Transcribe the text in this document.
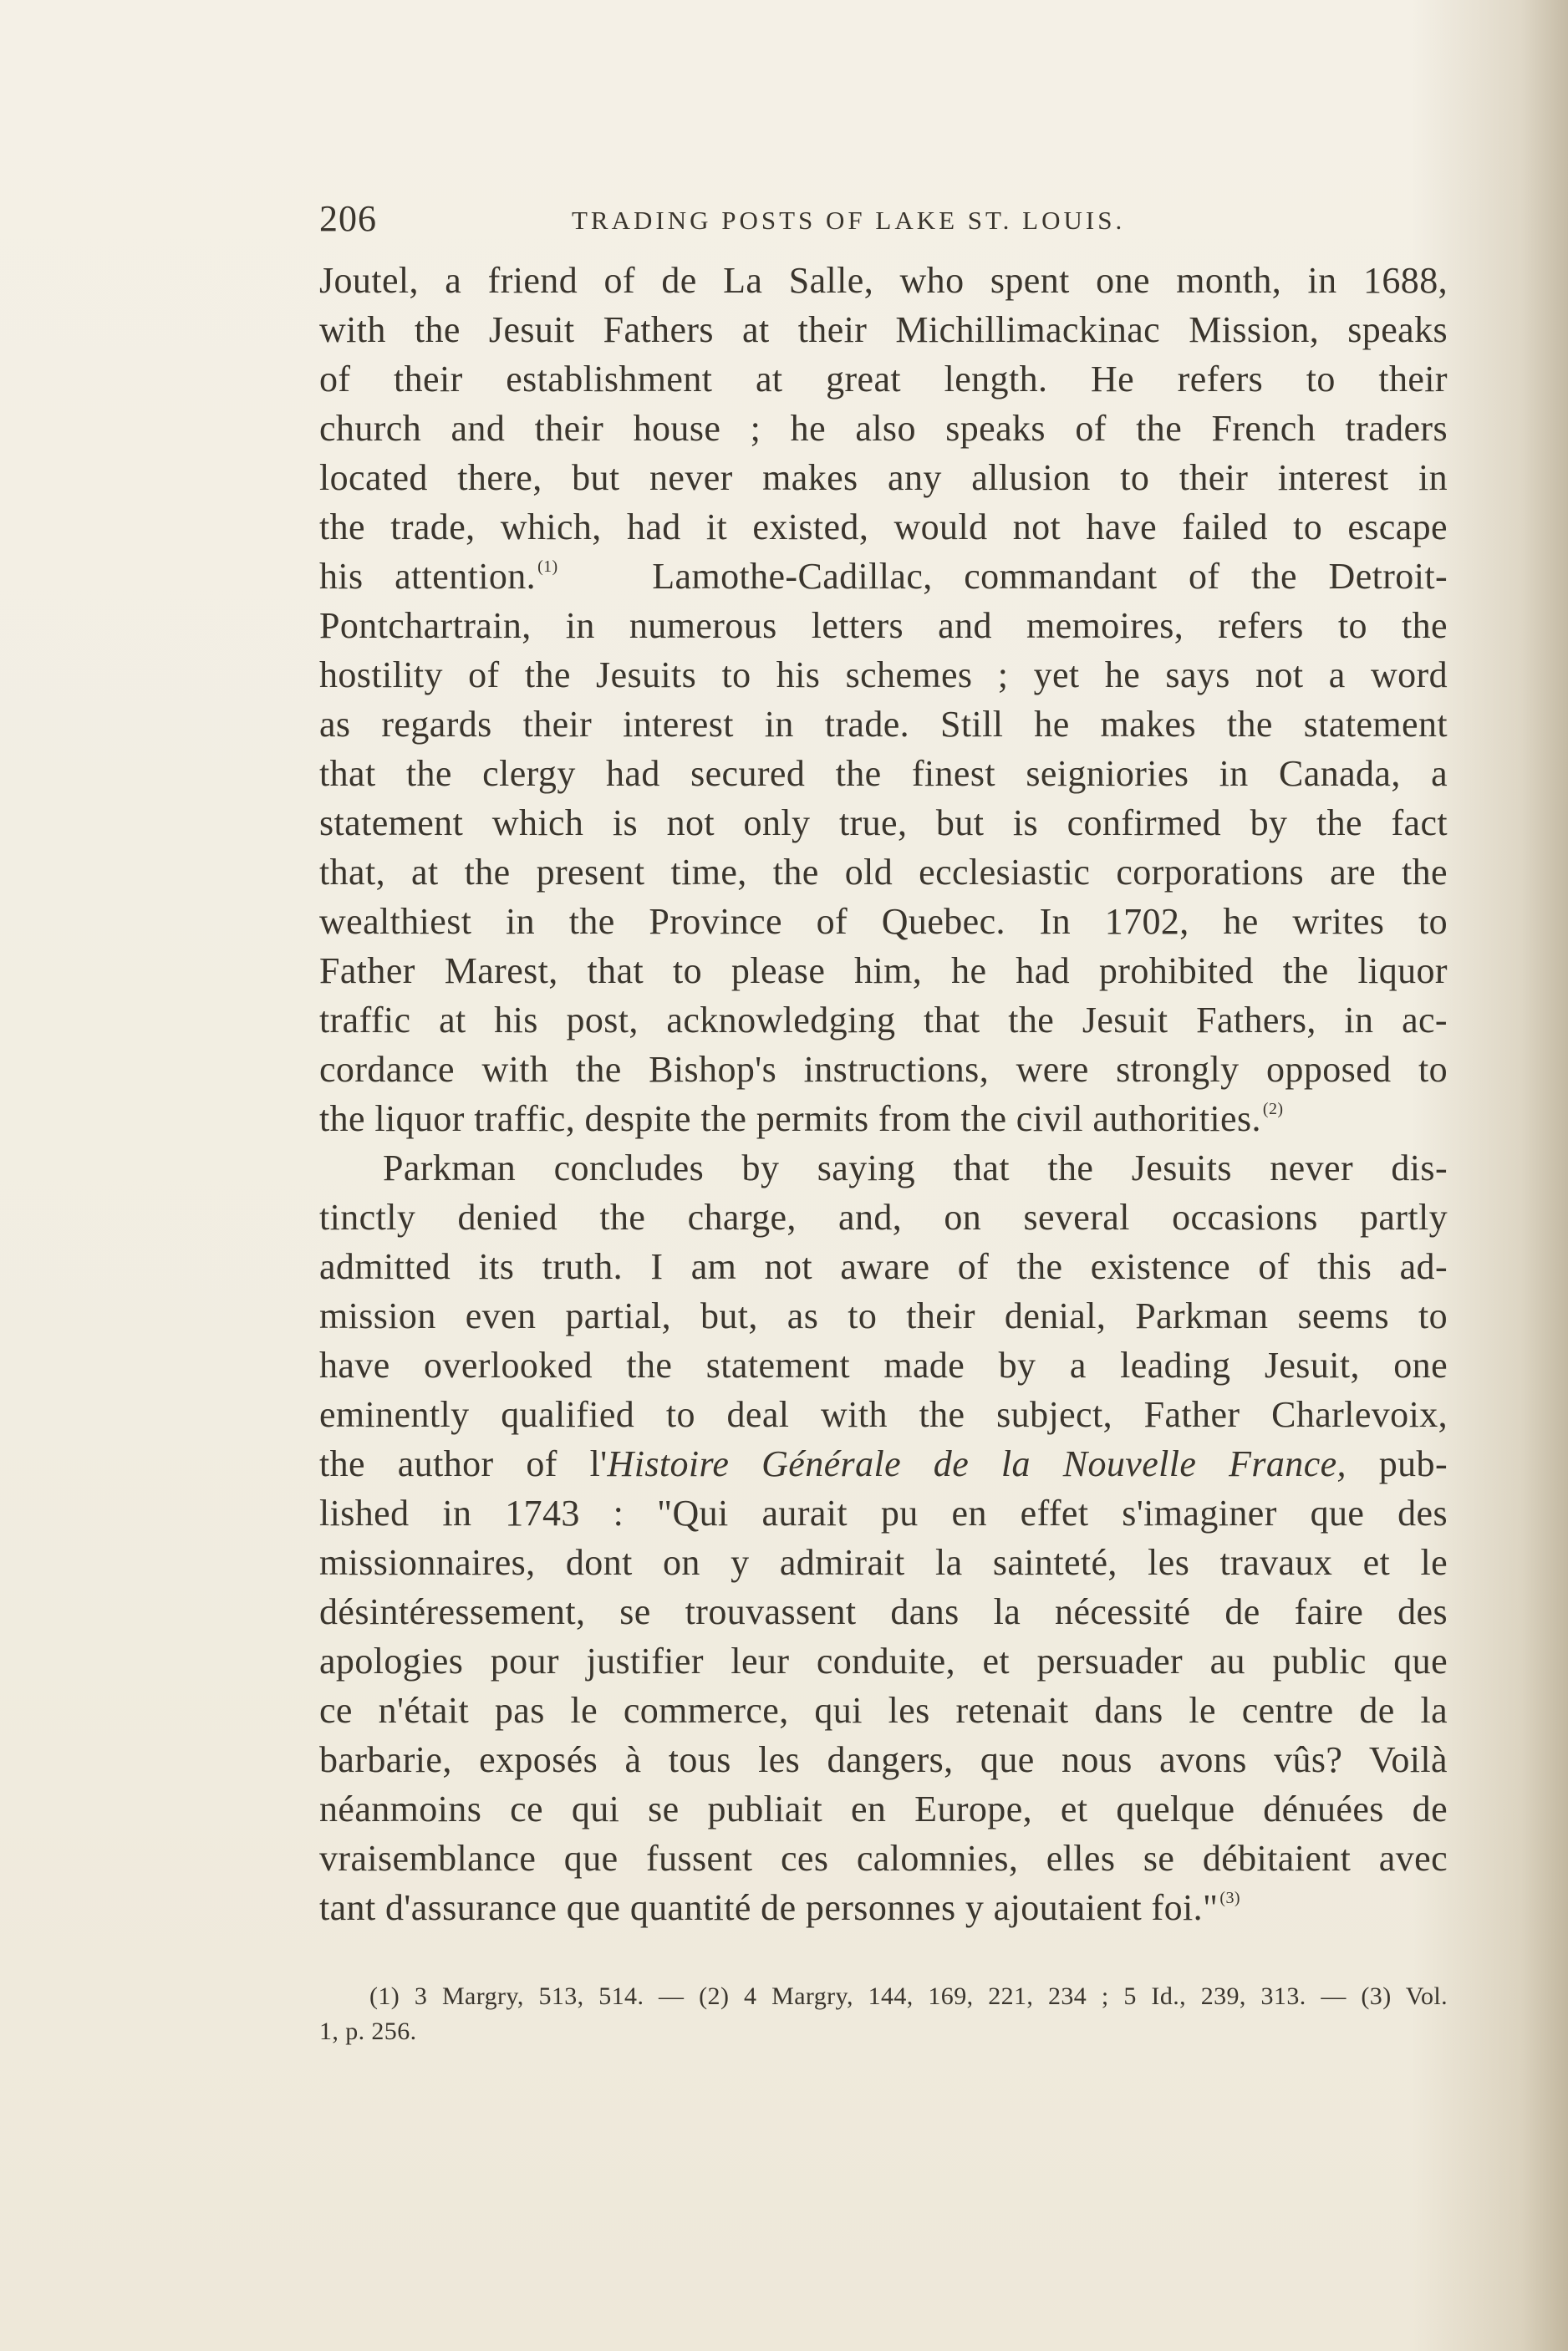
206	TRADING POSTS OF LAKE ST. LOUIS.
Joutel, a friend of de La Salle, who spent one month, in 1688,
with the Jesuit Fathers at their Michillimackinac Mission, speaks
of their establishment at great length. He refers to their
church and their house ; he also speaks of the French traders
located there, but never makes any allusion to their interest in
the trade, which, had it existed, would not have failed to escape
his attention. $^{(1)}$	Lamothe-Cadillac, commandant of the Detroit-
Pontchartrain, in numerous letters and memoires, refers to the
hostility of the Jesuits to his schemes ; yet he says not a word
as regards their interest in trade. Still he makes the statement
that the clergy had secured the finest seigniories in Canada, a
statement which is not only true, but is confirmed by the fact
that, at the present time, the old ecclesiastic corporations are the
wealthiest in the Province of Quebec. In 1702, he writes to
Father Marest, that to please him, he had prohibited the liquor
traffic at his post, acknowledging that the Jesuit Fathers, in ac-
cordance with the Bishop's instructions, were strongly opposed to
the liquor traffic, despite the permits from the civil authorities. $^{(2)}$
Parkman concludes by saying that the Jesuits never dis-
tinctly denied the charge, and, on several occasions partly
admitted its truth. I am not aware of the existence of this ad-
mission even partial, but, as to their denial, Parkman seems to
have overlooked the statement made by a leading Jesuit, one
eminently qualified to deal with the subject, Father Charlevoix,
the author of l'Histoire Générale de la Nouvelle France, pub-
lished in 1743 : "Qui aurait pu en effet s'imaginer que des
missionnaires, dont on y admirait la sainteté, les travaux et le
désintéressement, se trouvassent dans la nécessité de faire des
apologies pour justifier leur conduite, et persuader au public que
ce n'était pas le commerce, qui les retenait dans le centre de la
barbarie, exposés à tous les dangers, que nous avons vûs? Voilà
néanmoins ce qui se publiait en Europe, et quelque dénuées de
vraisemblance que fussent ces calomnies, elles se débitaient avec
tant d'assurance que quantité de personnes y ajoutaient foi." $^{(3)}$
(1) 3 Margry, 513, 514. — (2) 4 Margry, 144, 169, 221, 234 ; 5 Id., 239, 313. — (3) Vol.
1, p. 256.
